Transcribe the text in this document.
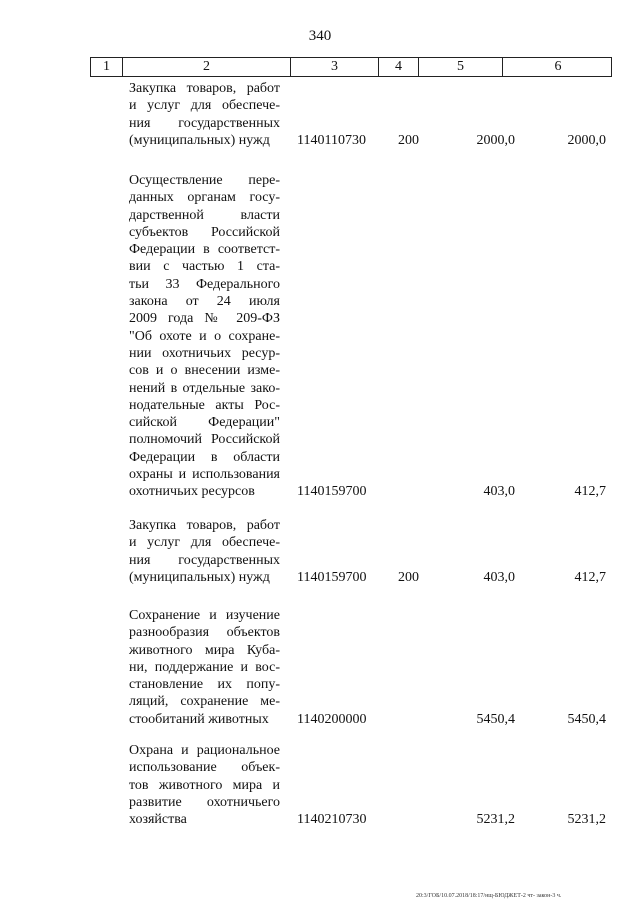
340
1	2	3	4	5	6
Закупка товаров, работ
и услуг для обеспече-
ния государственных
(муниципальных) нужд	1140110730 200	2000,0	2000,0
Осуществление пере-
данных органам госу-
дарственной власти
субъектов Российской
Федерации в соответст-
вии с частью 1 ста-
тьи 33 Федерального
закона от 24 июля
2009 года № 209-ФЗ
"Об охоте и о сохране-
нии охотничьих ресур-
сов и о внесении изме-
нений в отдельные зако-
нодательные акты Рос-
сийской Федерации"
полномочий Российской
Федерации в области
охраны и использования
охотничьих ресурсов	1140159700	403,0	412,7
Закупка товаров, работ
и услуг для обеспече-
ния государственных
(муниципальных) нужд	1140159700 200	403,0	412,7
Сохранение и изучение
разнообразия объектов
животного мира Куба-
ни, поддержание и вос-
становление их попу-
ляций, сохранение ме-
стообитаний животных	1140200000	5450,4	5450,4
Охрана и рациональное
использование объек-
тов животного мира и
развитие охотничьего
хозяйства	1140210730	5231,2	5231,2
20:3/ГОБ/10.07.2018/18:17/нщ-БЮДЖЕТ-2 чт- закон-3 ч.
